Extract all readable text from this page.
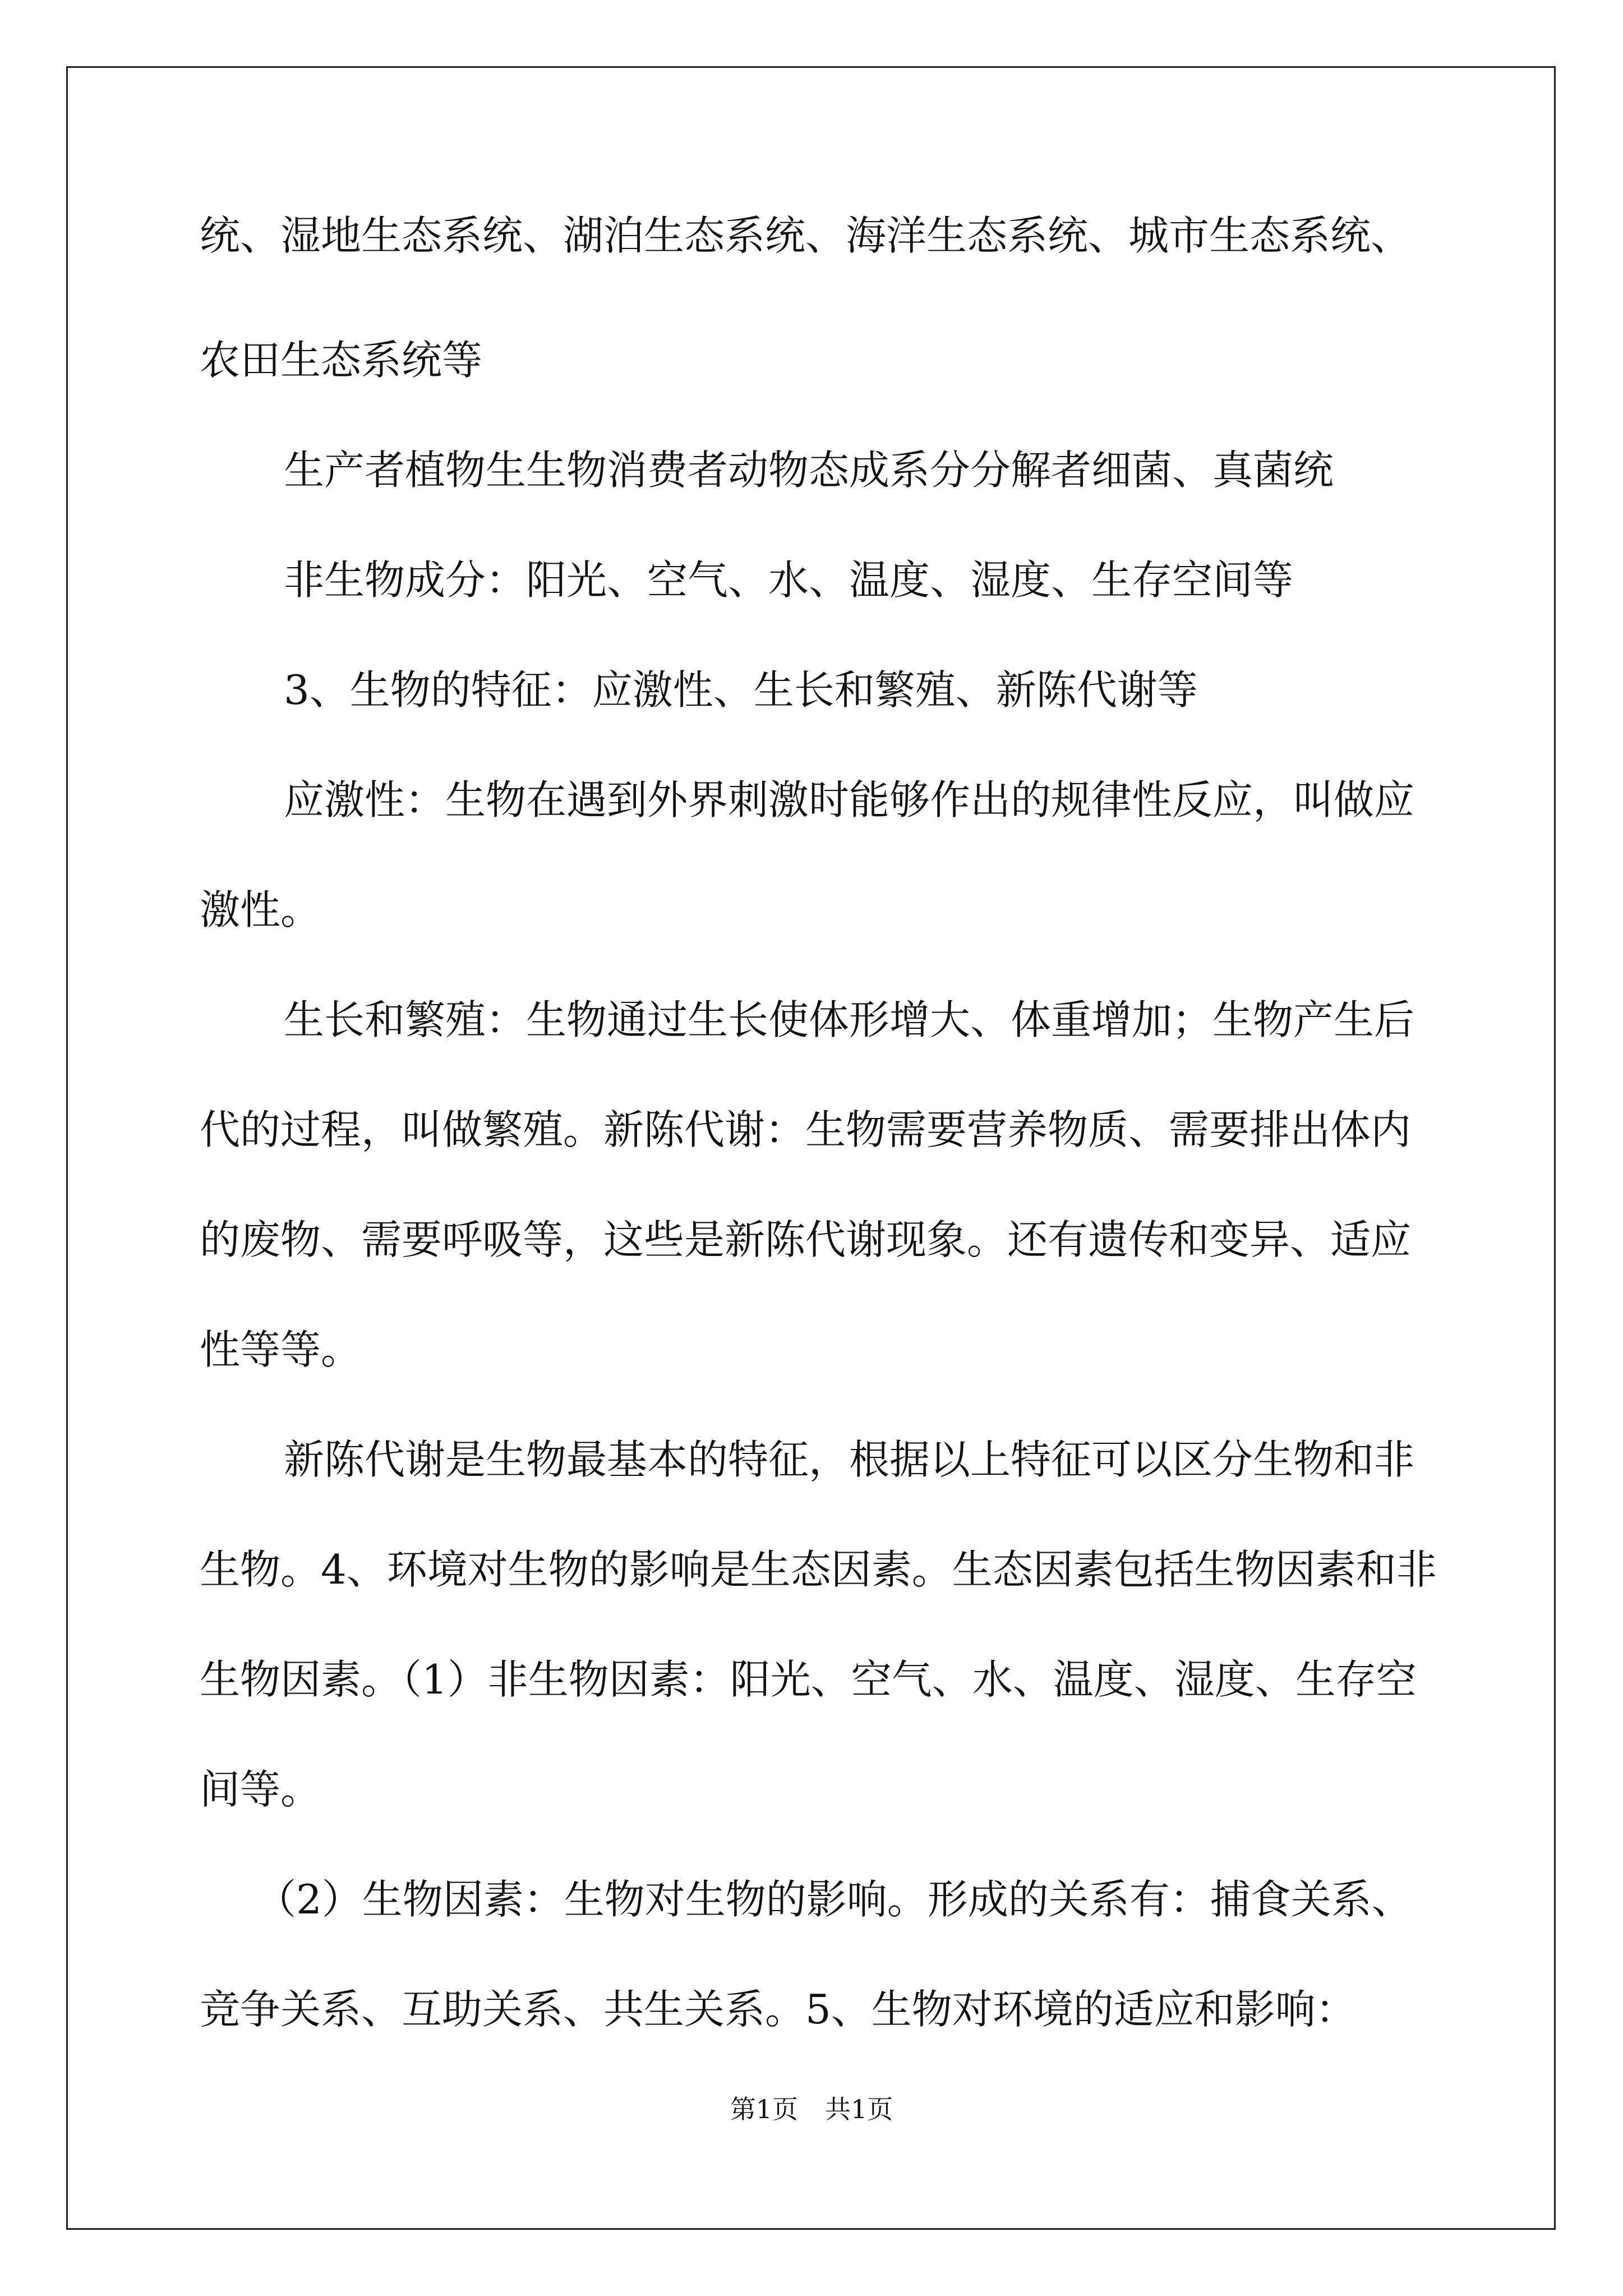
统、湿地生态系统、湖泊生态系统、海洋生态系统、城市生态系统、
农田生态系统等
生产者植物生生物消费者动物态成系分分解者细菌、真菌统
非生物成分：阳光、空气、水、温度、湿度、生存空间等
3、生物的特征：应激性、生长和繁殖、新陈代谢等
应激性：生物在遇到外界刺激时能够作出的规律性反应，叫做应
激性。
生长和繁殖：生物通过生长使体形增大、体重增加；生物产生后
代的过程，叫做繁殖。新陈代谢：生物需要营养物质、需要排出体内
的废物、需要呼吸等，这些是新陈代谢现象。还有遗传和变异、适应
性等等。
新陈代谢是生物最基本的特征，根据以上特征可以区分生物和非
生物。4、环境对生物的影响是生态因素。生态因素包括生物因素和非
生物因素。（1）非生物因素：阳光、空气、水、温度、湿度、生存空
间等。
（2）生物因素：生物对生物的影响。形成的关系有：捕食关系、
竞争关系、互助关系、共生关系。5、生物对环境的适应和影响：
第1页 共1页
